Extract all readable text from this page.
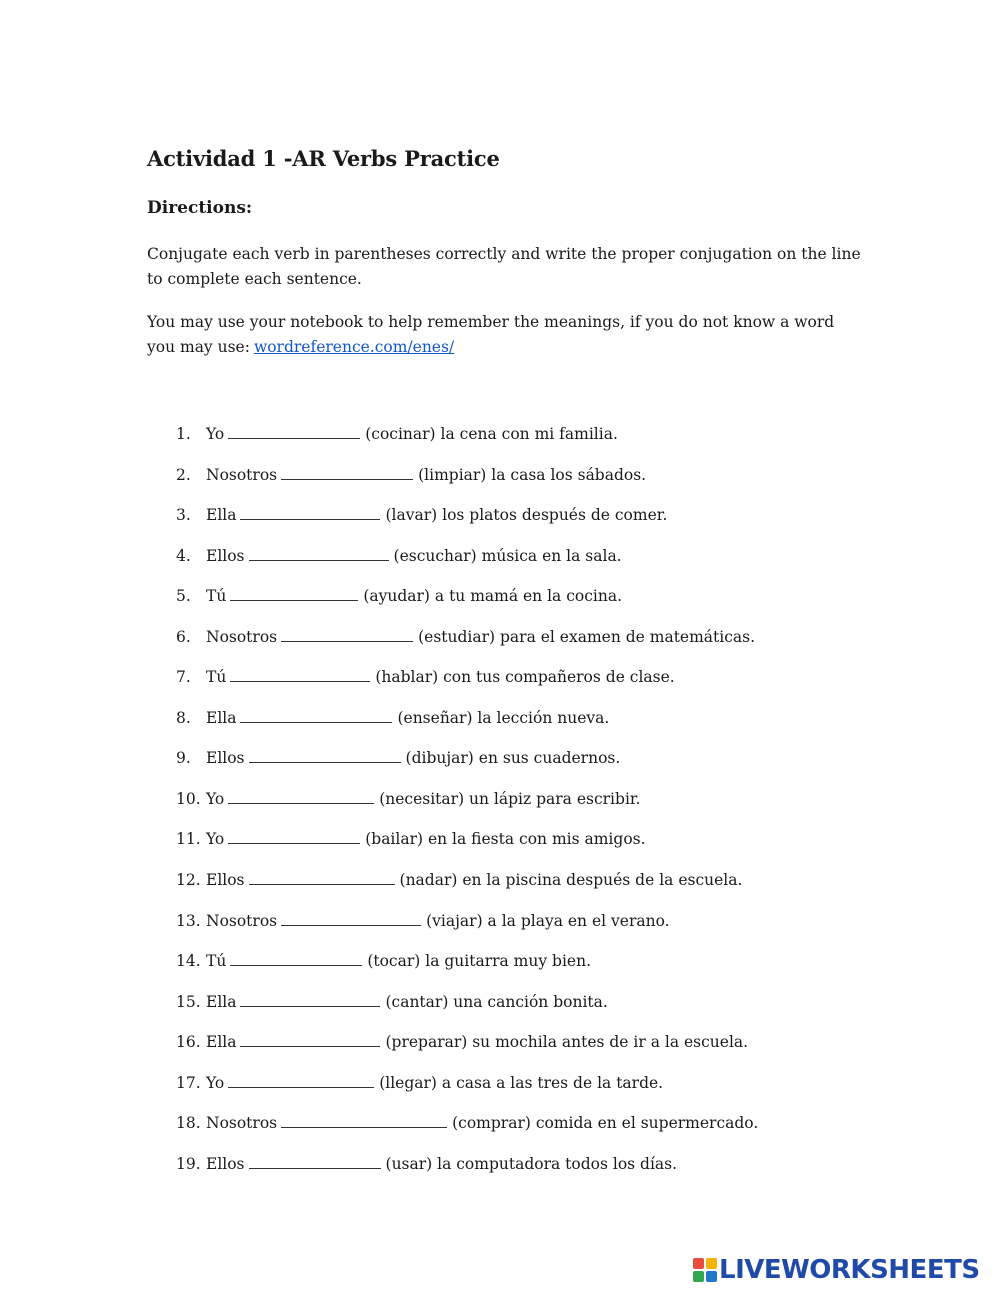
Actividad 1 -AR Verbs Practice
Directions:

Conjugate each verb in parentheses correctly and write the proper conjugation on the line to complete each sentence.

You may use your notebook to help remember the meanings, if you do not know a word you may use: wordreference.com/enes/

1. Yo	(cocinar) la cena con mi familia.
2. Nosotros	(limpiar) la casa los sábados.
3. Ella	(lavar) los platos después de comer.
4. Ellos	(escuchar) música en la sala.
5. Tú	(ayudar) a tu mamá en la cocina.
6. Nosotros	(estudiar) para el examen de matemáticas.
7. Tú	(hablar) con tus compañeros de clase.
8. Ella	(enseñar) la lección nueva.
9. Ellos	(dibujar) en sus cuadernos.
10. Yo	(necesitar) un lápiz para escribir.
11. Yo	(bailar) en la fiesta con mis amigos.
12. Ellos	(nadar) en la piscina después de la escuela.
13. Nosotros	(viajar) a la playa en el verano.
14. Tú	(tocar) la guitarra muy bien.
15. Ella	(cantar) una canción bonita.
16. Ella	(preparar) su mochila antes de ir a la escuela.
17. Yo	(llegar) a casa a las tres de la tarde.
18. Nosotros	(comprar) comida en el supermercado.
19. Ellos	(usar) la computadora todos los días.
LIVEWORKSHEETS
